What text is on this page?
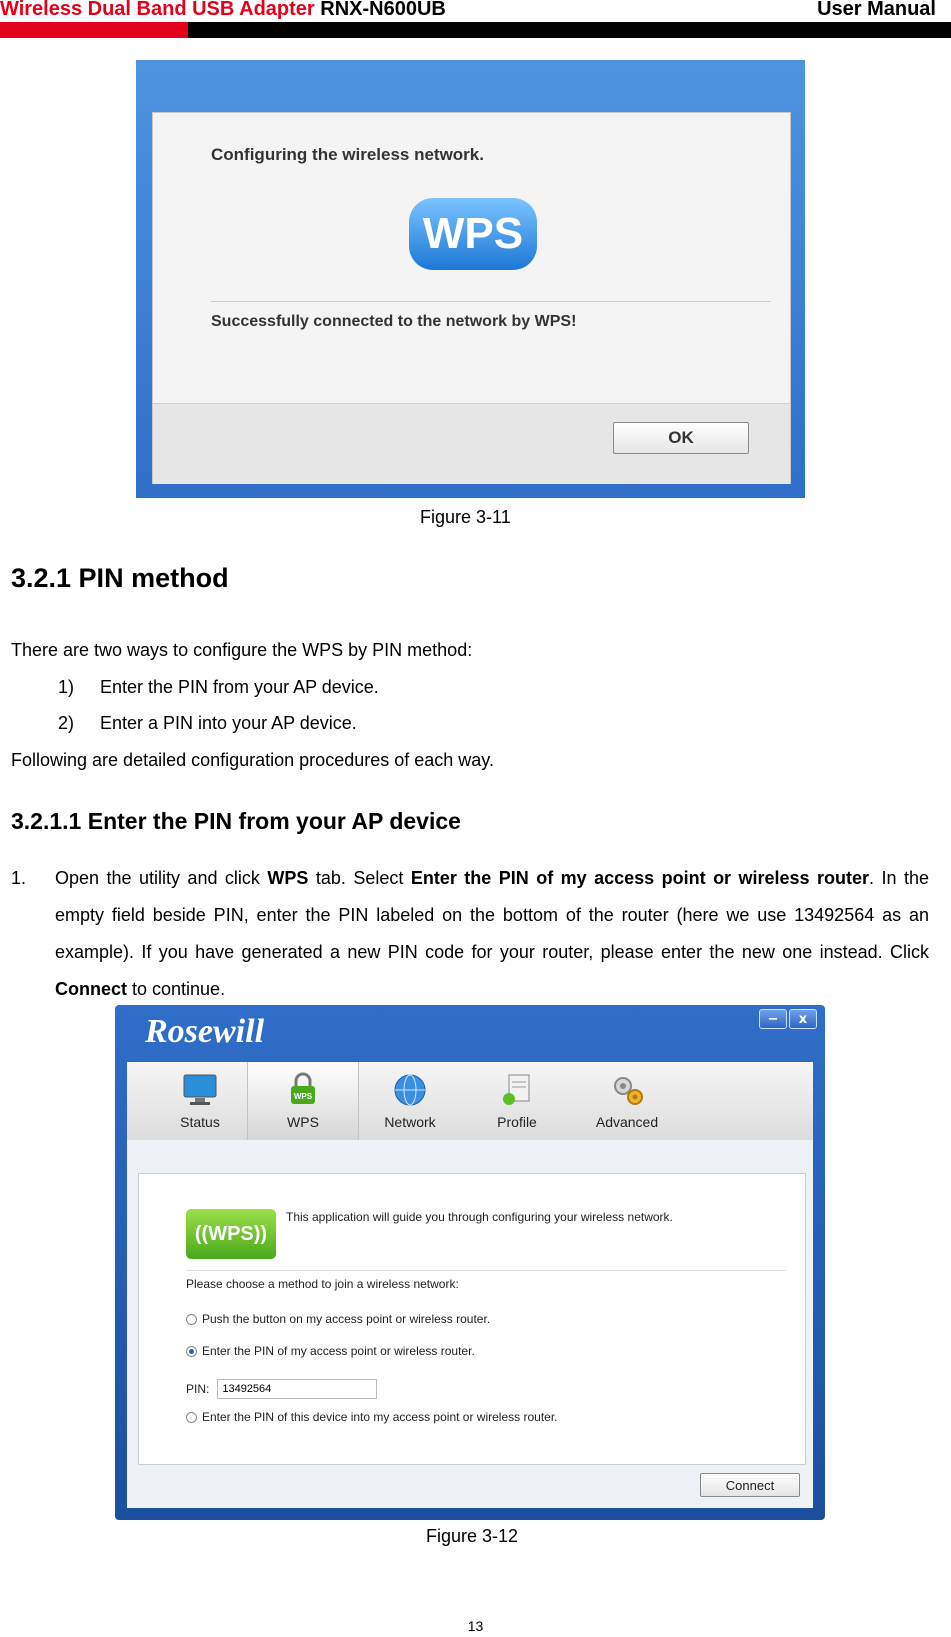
Wireless Dual Band USB Adapter RNX-N600UB	User Manual
Configuring the wireless network.
WPS
Successfully connected to the network by WPS!
OK
Figure 3-11
3.2.1 PIN method
There are two ways to configure the WPS by PIN method:
1) Enter the PIN from your AP device.
2) Enter a PIN into your AP device.
Following are detailed configuration procedures of each way.
3.2.1.1 Enter the PIN from your AP device
1. Open the utility and click WPS tab. Select Enter the PIN of my access point or wireless router. In the empty field beside PIN, enter the PIN labeled on the bottom of the router (here we use 13492564 as an example). If you have generated a new PIN code for your router, please enter the new one instead. Click Connect to continue.
Rosewill	− x
Status
WPS
WPS	Network	Profile	Advanced
((WPS))
This application will guide you through configuring your wireless network.
Please choose a method to join a wireless network:
Push the button on my access point or wireless router.
Enter the PIN of my access point or wireless router.
PIN:
13492564
Enter the PIN of this device into my access point or wireless router.
Connect
Figure 3-12
13
